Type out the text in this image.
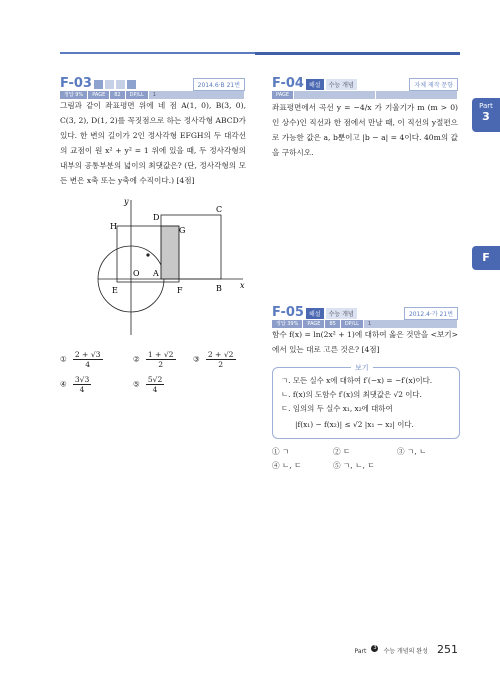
Part
3
F
F-03	2014.6·B 21번
정답 9%	PAGE	82	DP/LL	1
그림과 같이 좌표평면 위에 네 점 A(1, 0), B(3, 0), C(3, 2), D(1, 2)를 꼭짓점으로 하는 정사각형 ABCD가 있다. 한 변의 길이가 2인 정사각형 EFGH의 두 대각선의 교점이 원 x² + y² = 1 위에 있을 때, 두 정사각형의 내부의 공통부분의 넓이의 최댓값은? (단, 정사각형의 모든 변은 x축 또는 y축에 수직이다.) [4점]
y
x
O A
B
C
D
E	F
G
H
① $\frac{2 + √3}{4}$	② $\frac{1 + √2}{2}$ ③ $\frac{2 + √2}{2}$
④ $\frac{3√3}{4}$	⑤ $\frac{5√2}{4}$
F-04 해설	수능 개념	자체 제작 문항
PAGE
좌표평면에서 곡선 y = −4/x 가 기울기가 m (m > 0)인 상수)인 직선과 한 점에서 만날 때, 이 직선의 y절편으로 가능한 값은 a, b뿐이고 |b − a| = 4이다. 40m의 값을 구하시오.
F-05 해설	수능 개념	2012.4·가 21번
정답 39%	PAGE	85	DP/LL	1
함수 f(x) = ln(2x² + 1)에 대하여 옳은 것만을 <보기>에서 있는 대로 고른 것은? [4점]
보기
ㄱ. 모든 실수 x에 대하여 f′(−x) = −f′(x)이다.
ㄴ. f(x)의 도함수 f′(x)의 최댓값은 √2 이다.
ㄷ. 임의의 두 실수 x₁, x₂에 대하여
|f(x₁) − f(x₂)| ≤ √2 |x₁ − x₂| 이다.
① ㄱ	② ㄷ	③ ㄱ, ㄴ
④ ㄴ, ㄷ	⑤ ㄱ, ㄴ, ㄷ
Part 3 수능 개념의 완성 251
